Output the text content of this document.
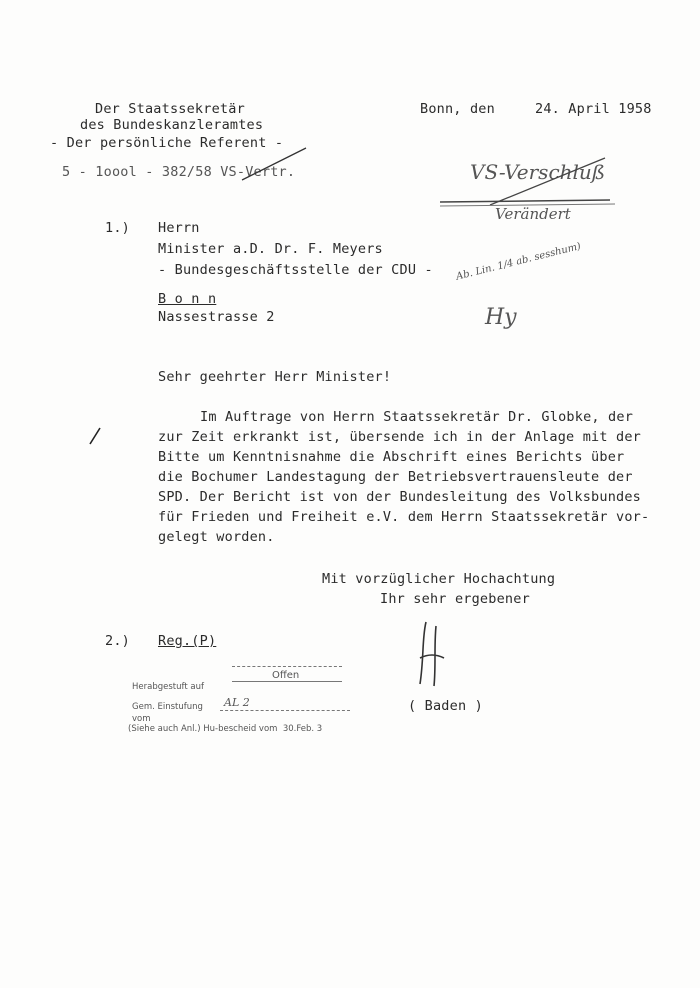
Der Staatssekretär
des Bundeskanzleramtes
- Der persönliche Referent -
5 - 1oool - 382/58 VS-Vertr.
Bonn, den	24. April 1958
VS-Verschluß
Verändert
Ab. Lin. 1/4 ab. sesshum)
Hy
1.) Herrn
Minister a.D. Dr. F. Meyers
- Bundesgeschäftsstelle der CDU -
B o n n
Nassestrasse 2
Sehr geehrter Herr Minister!
Im Auftrage von Herrn Staatssekretär Dr. Globke, der
zur Zeit erkrankt ist, übersende ich in der Anlage mit der
Bitte um Kenntnisnahme die Abschrift eines Berichts über
die Bochumer Landestagung der Betriebsvertrauensleute der
SPD. Der Bericht ist von der Bundesleitung des Volksbundes
für Frieden und Freiheit e.V. dem Herrn Staatssekretär vor-
gelegt worden.
Mit vorzüglicher Hochachtung
Ihr sehr ergebener
( Baden )
2.) Reg.(P)
Herabgestuft auf
Offen
Gem. Einstufung AL 2
vom
(Siehe auch Anl.) Hu-bescheid vom  30.Feb. 3
